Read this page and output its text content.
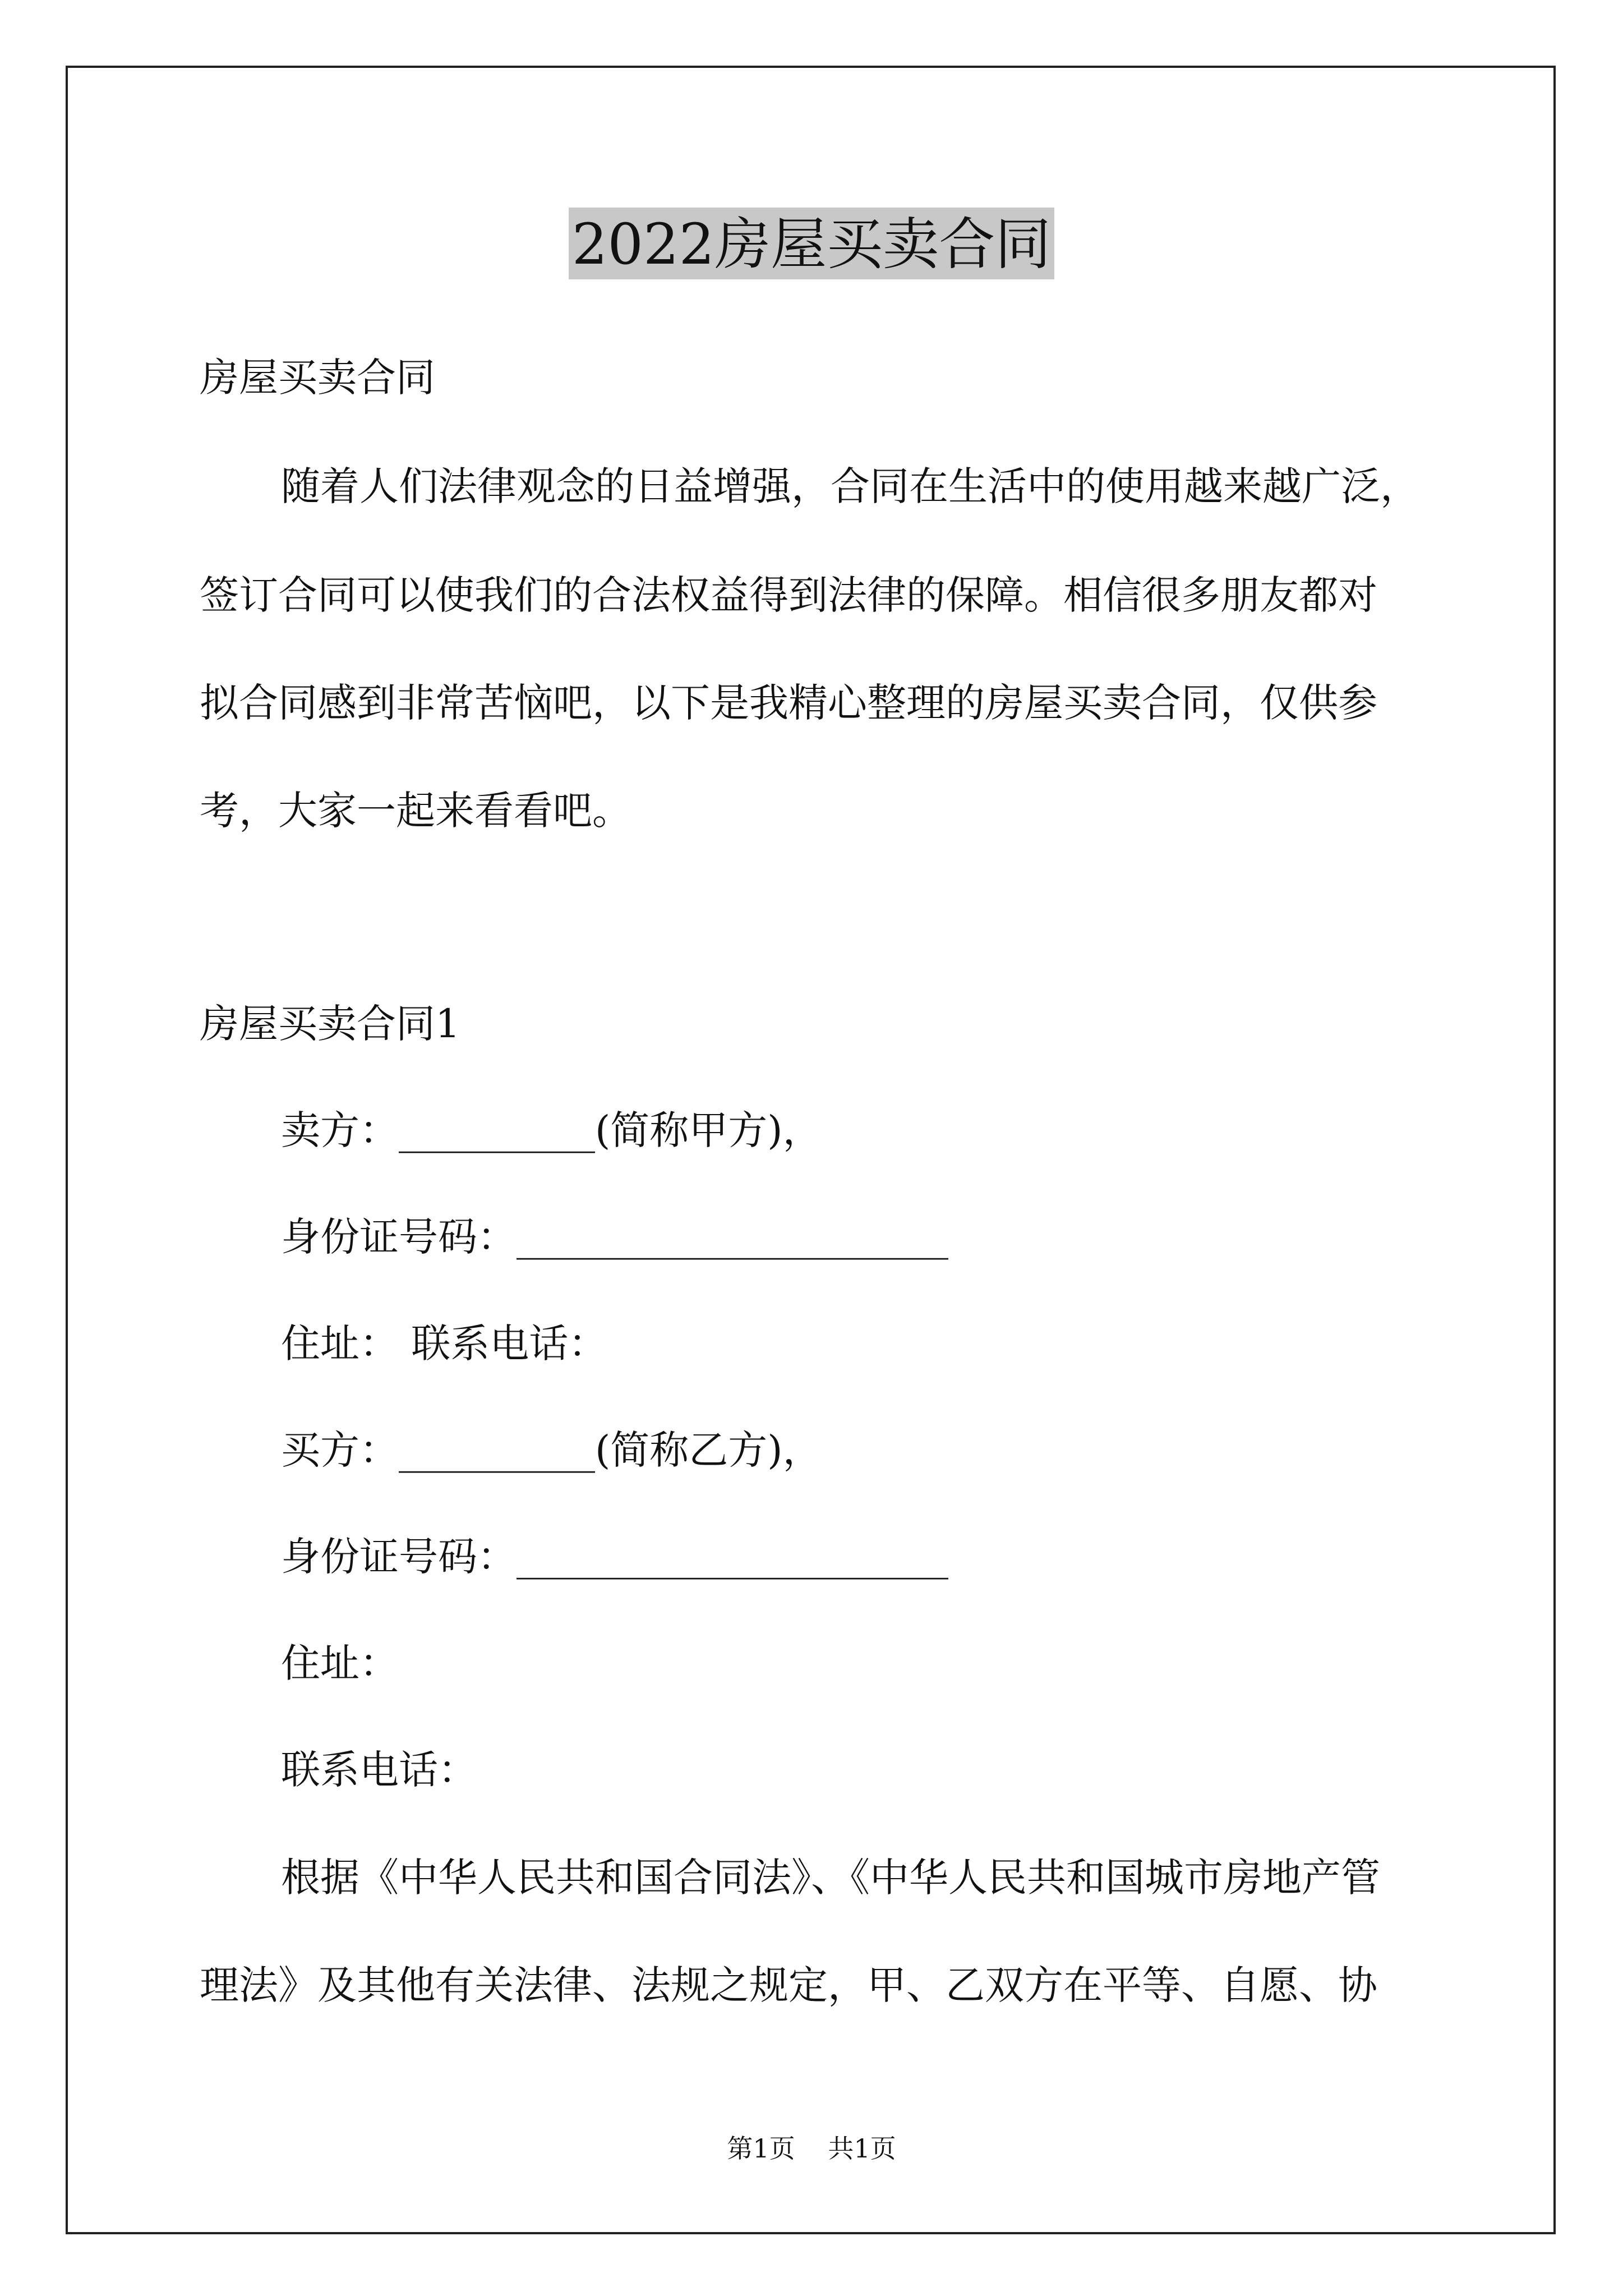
2022房屋买卖合同
房屋买卖合同
随着人们法律观念的日益增强，合同在生活中的使用越来越广泛，
签订合同可以使我们的合法权益得到法律的保障。相信很多朋友都对
拟合同感到非常苦恼吧，以下是我精心整理的房屋买卖合同，仅供参
考，大家一起来看看吧。
房屋买卖合同1
卖方：__________(简称甲方)，
身份证号码：______________________
住址： 联系电话：
买方：__________(简称乙方)，
身份证号码：______________________
住址：
联系电话：
根据《中华人民共和国合同法》、《中华人民共和国城市房地产管
理法》及其他有关法律、法规之规定，甲、乙双方在平等、自愿、协
第1页 共1页
